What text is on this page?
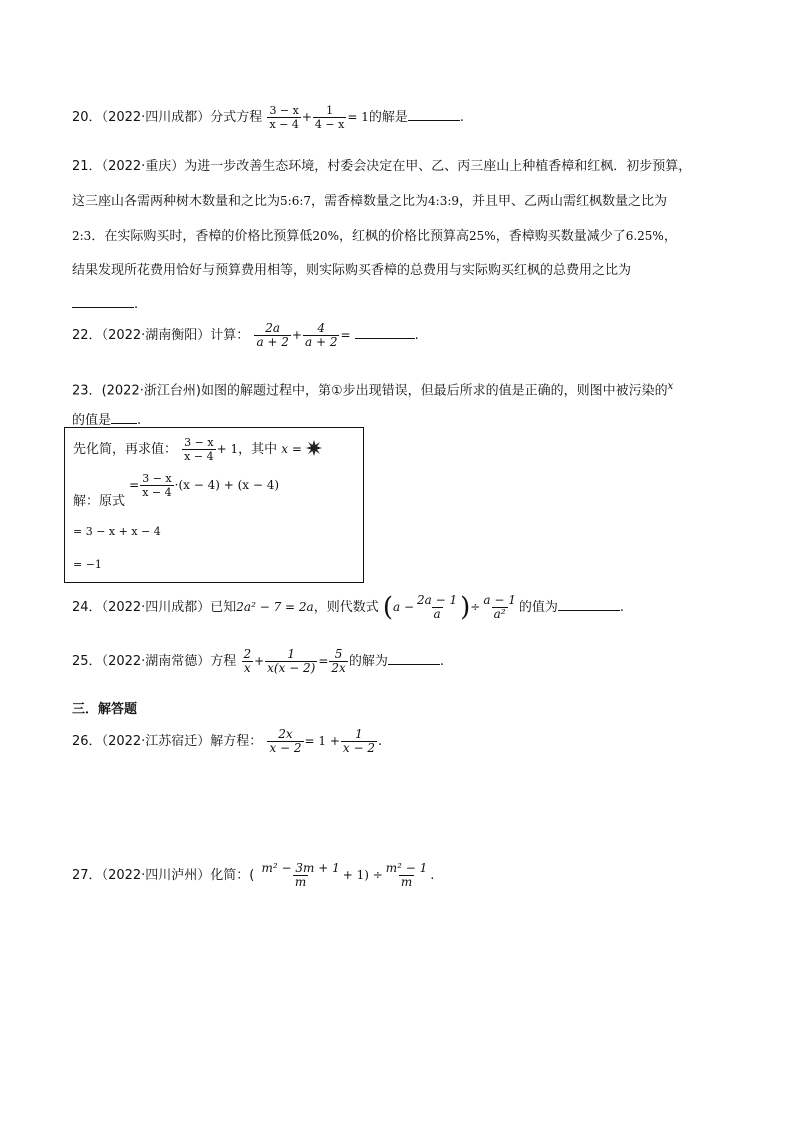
20．（2022·四川成都）分式方程 $\frac{3 - x}{x - 4} + \frac{1}{4 - x} = 1$的解是	.
21．（2022·重庆）为进一步改善生态环境，村委会决定在甲、乙、丙三座山上种植香樟和红枫．初步预算，
这三座山各需两种树木数量和之比为5:6:7，需香樟数量之比为4:3:9，并且甲、乙两山需红枫数量之比为
2:3．在实际购买时，香樟的价格比预算低20%，红枫的价格比预算高25%，香樟购买数量减少了6.25%，
结果发现所花费用恰好与预算费用相等，则实际购买香樟的总费用与实际购买红枫的总费用之比为
.
22．（2022·湖南衡阳）计算： $\frac{2a}{a + 2} + \frac{4}{a + 2}$ =	.
23．(2022·浙江台州)如图的解题过程中，第①步出现错误，但最后所求的值是正确的，则图中被污染的$^x$
的值是 .
先化简，再求值： $\frac{3 - x}{x - 4} + 1$，其中 x =
解：原式 = $\frac{3 - x}{x - 4} \cdot(x - 4) + (x - 4)$
= 3 − x + x − 4
= −1
24．（2022·四川成都）已知2a² − 7 = 2a，则代数式 ($a - \frac{2a - 1}{a}$ )÷ $\frac{a - 1}{\text{a²}}$ 的值为	.
25．（2022·湖南常德）方程 $\frac{2}{x} + \frac{1}{x(x - 2)} = \frac{5}{2x}$ 的解为	.
三．解答题
26．（2022·江苏宿迁）解方程： $\frac{2x}{x - 2} = 1 + \frac{1}{x - 2}$ .
27．（2022·四川泸州）化简：( $\frac{\text{m² − 3m + 1}}{m} + 1) \div \frac{\text{m² − 1}}{m}$ .
